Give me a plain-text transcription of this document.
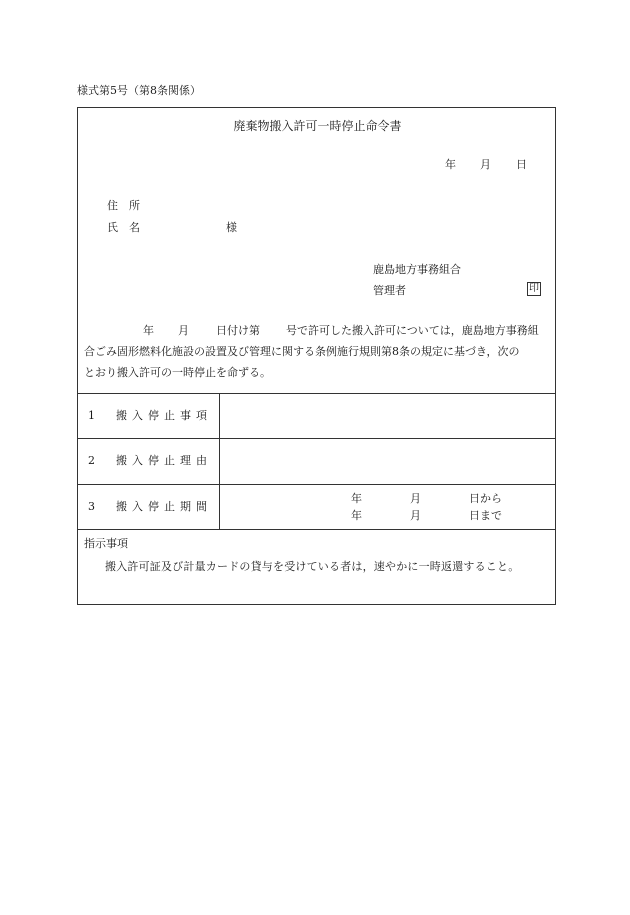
様式第5号（第8条関係）
廃棄物搬入許可一時停止命令書
年 月 日
住　所
氏　名	様
鹿島地方事務組合
管理者	印
年 月 日付け第 号で許可した搬入許可については，鹿島地方事務組
合ごみ固形燃料化施設の設置及び管理に関する条例施行規則第8条の規定に基づき，次の
とおり搬入許可の一時停止を命ずる。
1　搬入停止事項
2　搬入停止理由
3　搬入停止期間
年	月	日から
年	月	日まで
指示事項
搬入許可証及び計量カードの貸与を受けている者は，速やかに一時返還すること。
